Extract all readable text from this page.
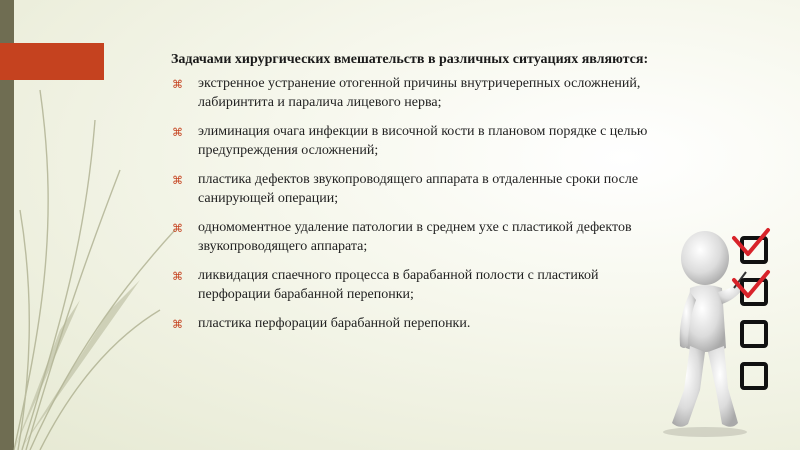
Задачами хирургических вмешательств в различных ситуациях являются:

⌘ экстренное устранение отогенной причины внутричерепных осложнений, лабиринтита и паралича лицевого нерва;
⌘ элиминация очага инфекции в височной кости в плановом порядке с целью предупреждения осложнений;
⌘ пластика дефектов звукопроводящего аппарата в отдаленные сроки после санирующей операции;
⌘ одномоментное удаление патологии в среднем ухе с пластикой дефектов звукопроводящего аппарата;
⌘ ликвидация спаечного процесса в барабанной полости с пластикой перфорации барабанной перепонки;
⌘ пластика перфорации барабанной перепонки.
